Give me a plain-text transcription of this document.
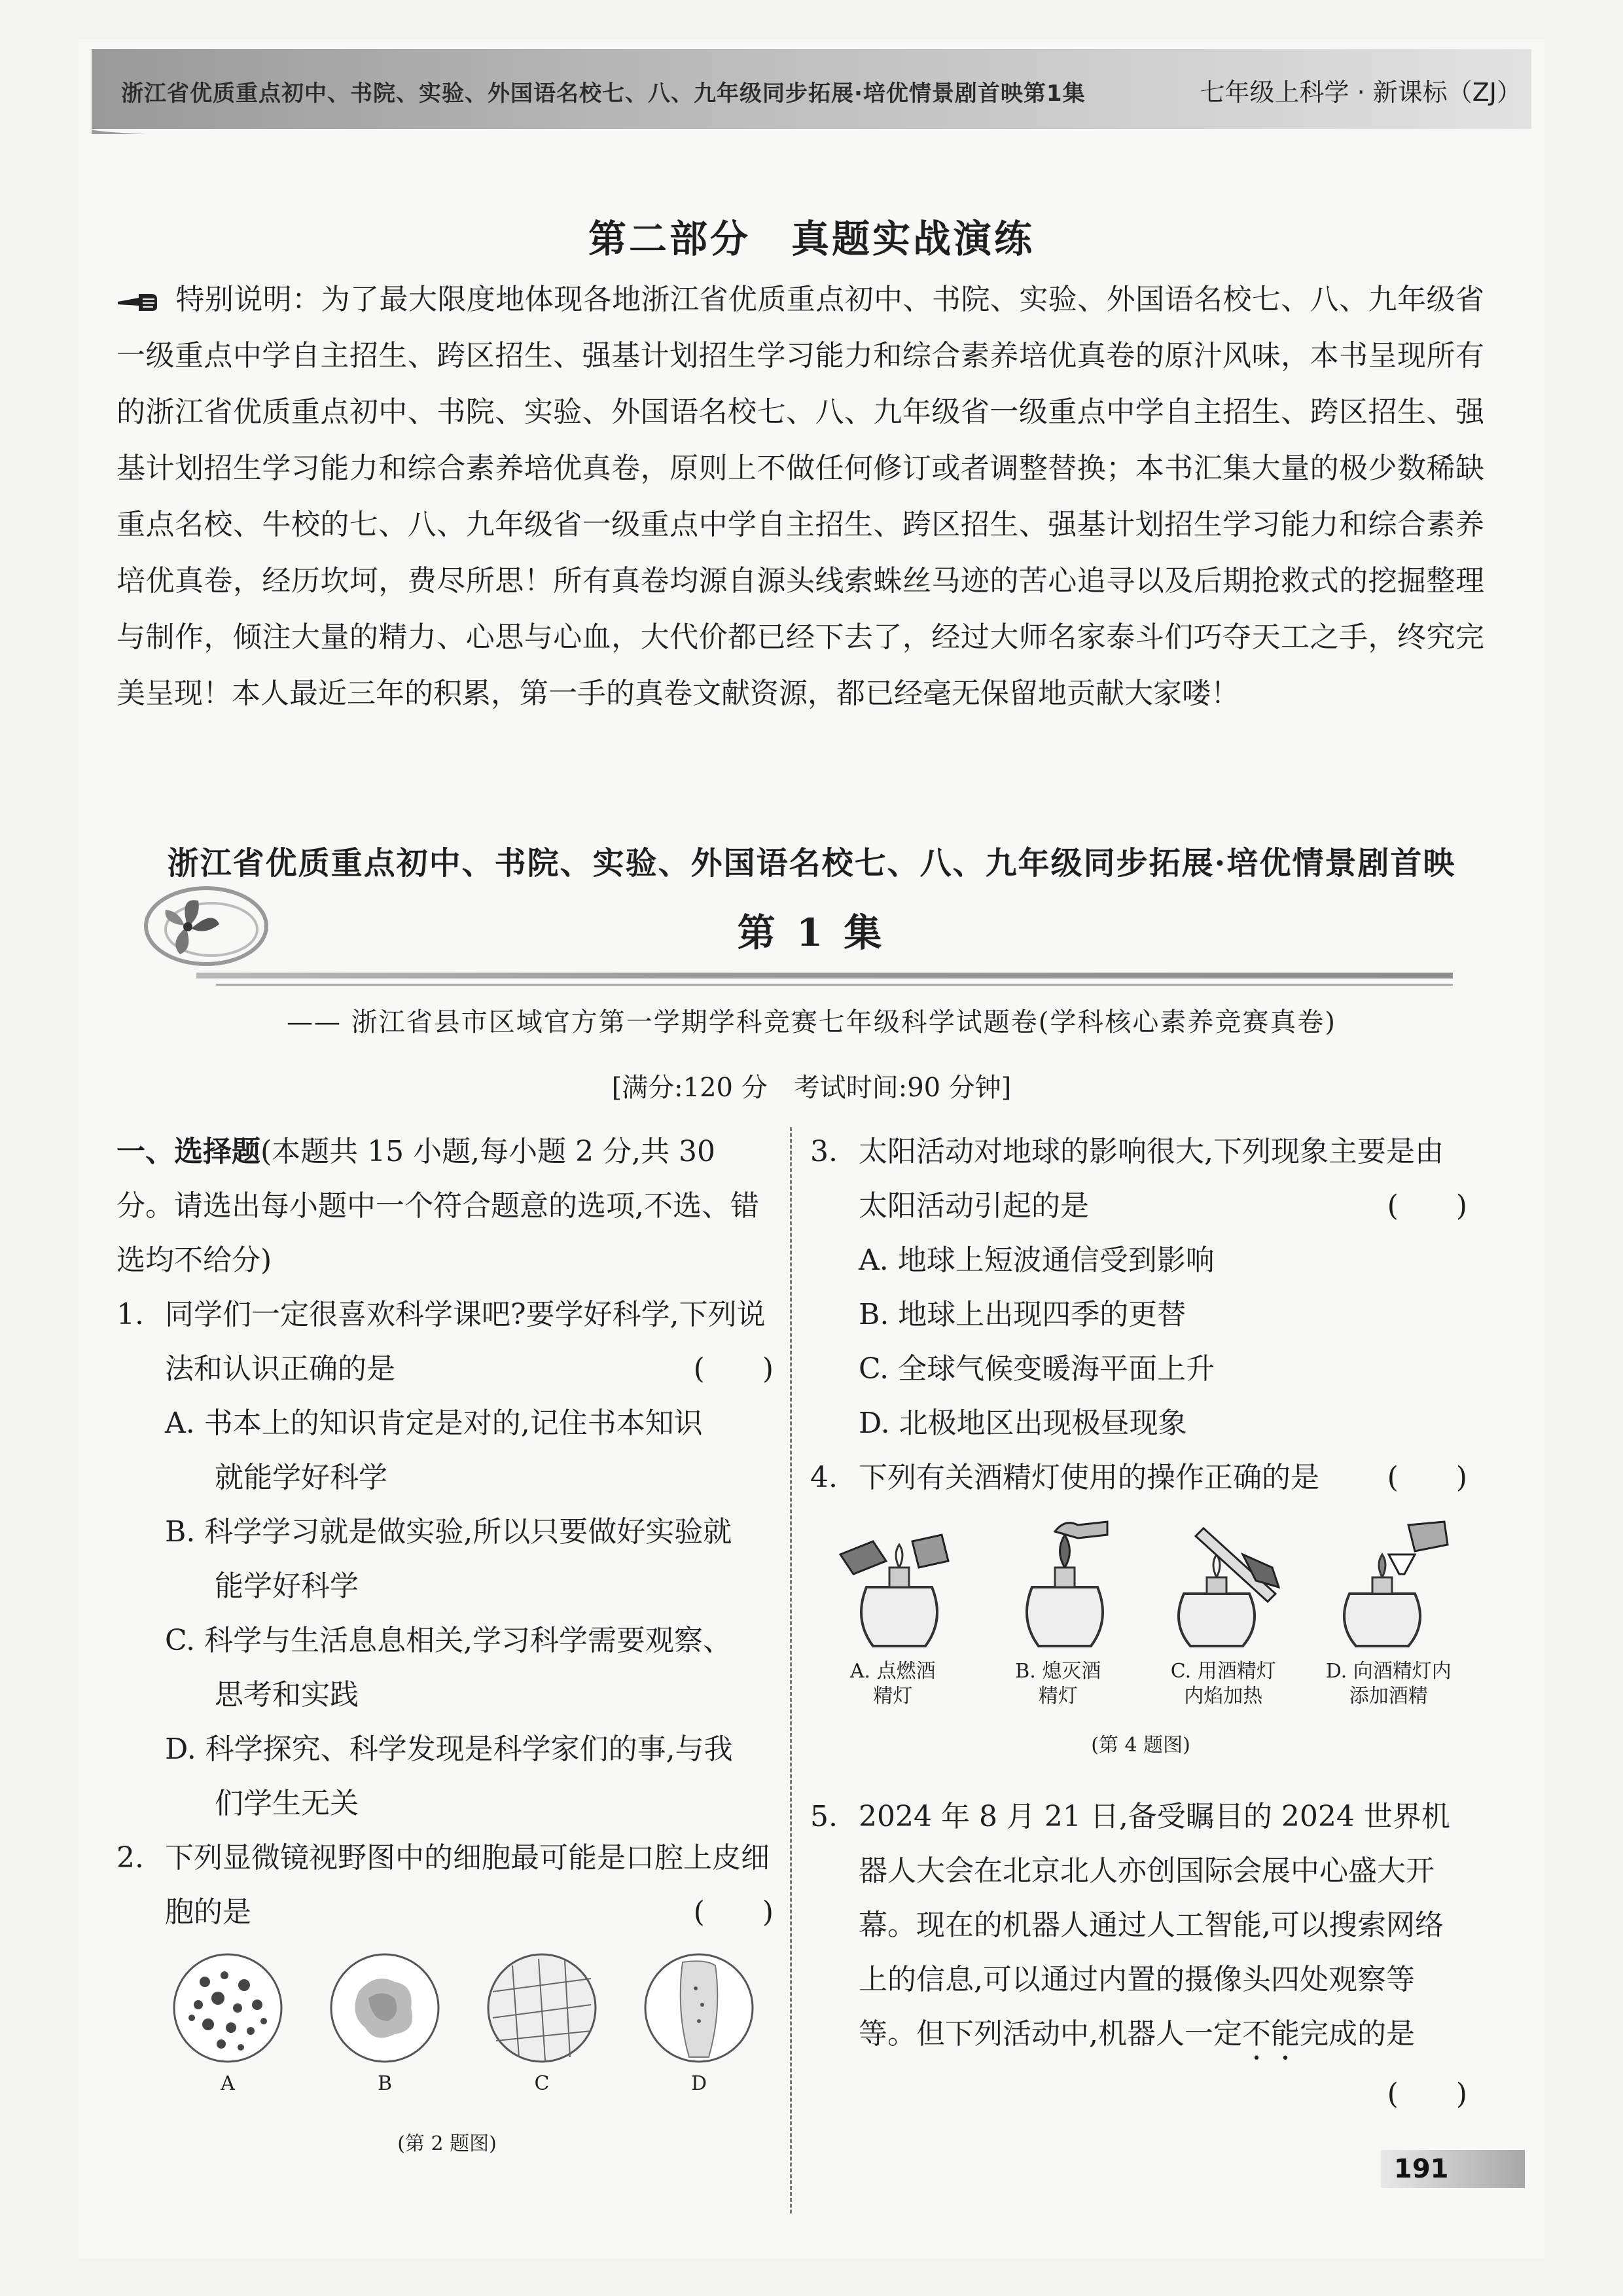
浙江省优质重点初中、书院、实验、外国语名校七、八、九年级同步拓展·培优情景剧首映第1集	七年级上科学 · 新课标（ZJ）
第二部分　真题实战演练
特别说明：为了最大限度地体现各地浙江省优质重点初中、书院、实验、外国语名校七、八、九年级省一级重点中学自主招生、跨区招生、强基计划招生学习能力和综合素养培优真卷的原汁风味，本书呈现所有的浙江省优质重点初中、书院、实验、外国语名校七、八、九年级省一级重点中学自主招生、跨区招生、强基计划招生学习能力和综合素养培优真卷，原则上不做任何修订或者调整替换；本书汇集大量的极少数稀缺重点名校、牛校的七、八、九年级省一级重点中学自主招生、跨区招生、强基计划招生学习能力和综合素养培优真卷，经历坎坷，费尽所思！所有真卷均源自源头线索蛛丝马迹的苦心追寻以及后期抢救式的挖掘整理与制作，倾注大量的精力、心思与心血，大代价都已经下去了，经过大师名家泰斗们巧夺天工之手，终究完美呈现！本人最近三年的积累，第一手的真卷文献资源，都已经毫无保留地贡献大家喽！
浙江省优质重点初中、书院、实验、外国语名校七、八、九年级同步拓展·培优情景剧首映
第 1 集
—— 浙江省县市区域官方第一学期学科竞赛七年级科学试题卷(学科核心素养竞赛真卷)
[满分:120 分　考试时间:90 分钟]
一、选择题(本题共 15 小题,每小题 2 分,共 30 分。请选出每小题中一个符合题意的选项,不选、错选均不给分)
1. 同学们一定很喜欢科学课吧?要学好科学,下列说法和认识正确的是	(　　)
A. 书本上的知识肯定是对的,记住书本知识
就能学好科学
B. 科学学习就是做实验,所以只要做好实验就
能学好科学
C. 科学与生活息息相关,学习科学需要观察、
思考和实践
D. 科学探究、科学发现是科学家们的事,与我
们学生无关
2. 下列显微镜视野图中的细胞最可能是口腔上皮细胞的是	(　　)
A	B	C	D
(第 2 题图)
3. 太阳活动对地球的影响很大,下列现象主要是由太阳活动引起的是	(　　)
A. 地球上短波通信受到影响
B. 地球上出现四季的更替
C. 全球气候变暖海平面上升
D. 北极地区出现极昼现象
4. 下列有关酒精灯使用的操作正确的是 (　　)
A. 点燃酒
精灯
B. 熄灭酒
精灯
C. 用酒精灯
内焰加热
D. 向酒精灯内
添加酒精
(第 4 题图)
5. 2024 年 8 月 21 日,备受瞩目的 2024 世界机器人大会在北京北人亦创国际会展中心盛大开幕。现在的机器人通过人工智能,可以搜索网络上的信息,可以通过内置的摄像头四处观察等等。但下列活动中,机器人一定不能完成的是
(　　)
191
